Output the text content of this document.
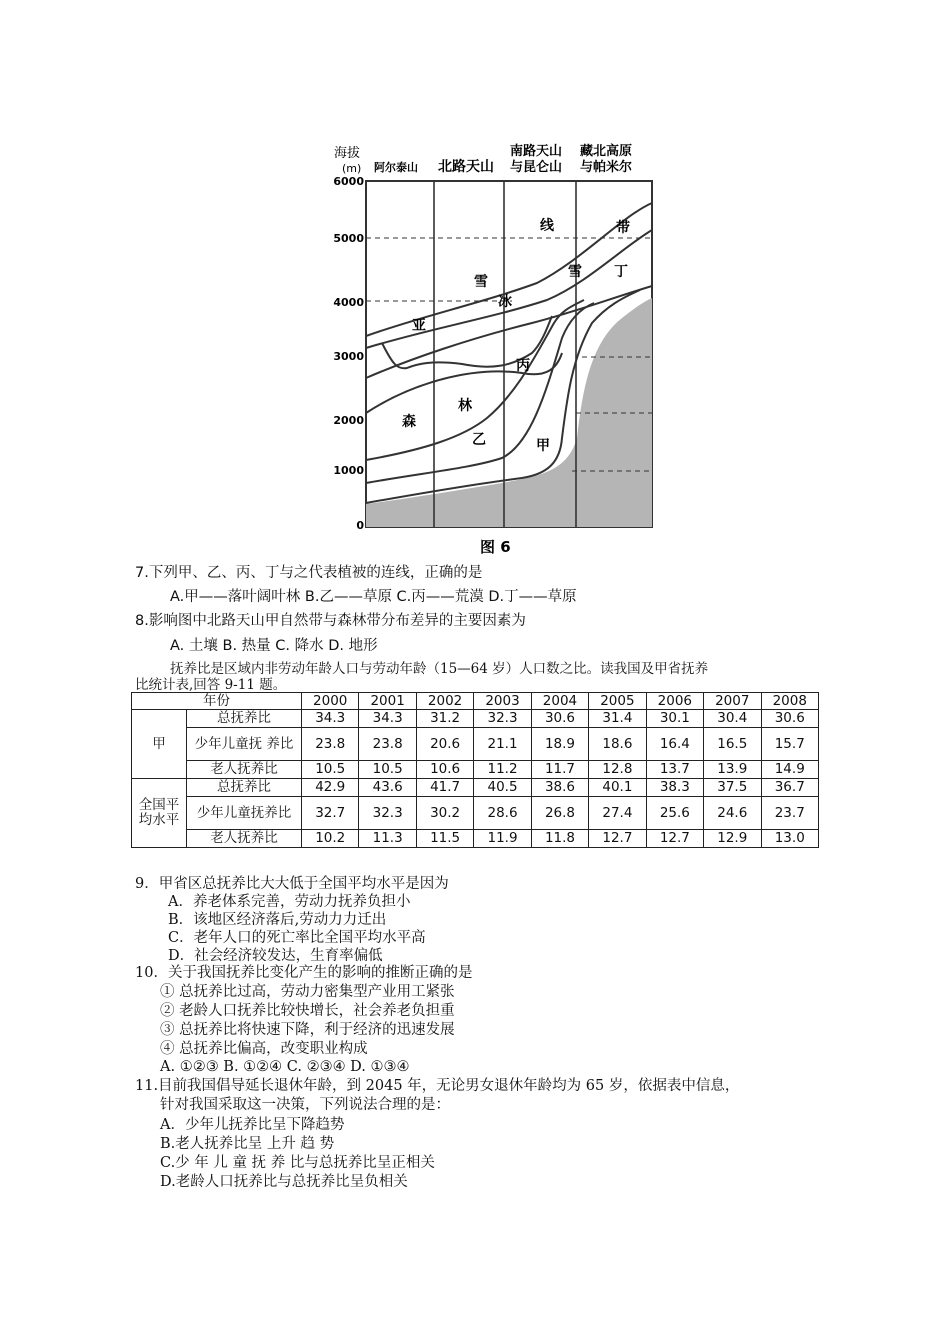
海拔
(m) 阿尔泰山 北路天山
南路天山
与昆仑山
藏北高原
与帕米尔
6000
5000
4000
3000
2000
1000
0
雪
线
雪
带
丁
冰
亚
丙
森
林
乙	甲
图 6
7.下列甲、乙、丙、丁与之代表植被的连线，正确的是
A.甲——落叶阔叶林 B.乙——草原 C.丙——荒漠 D.丁——草原
8.影响图中北路天山甲自然带与森林带分布差异的主要因素为
A. 土壤 B. 热量 C. 降水 D. 地形
抚养比是区域内非劳动年龄人口与劳动年龄（15—64 岁）人口数之比。读我国及甲省抚养
比统计表,回答 9-11 题。
年份		2000	2001	2002	2003	2004	2005	2006	2007	2008
甲	总抚养比	34.3	34.3	31.2	32.3	30.6	31.4	30.1	30.4	30.6
	少年儿童抚 养比	23.8	23.8	20.6	21.1	18.9	18.6	16.4	16.5	15.7
	老人抚养比	10.5	10.5	10.6	11.2	11.7	12.8	13.7	13.9	14.9
全国平均水平	总抚养比	42.9	43.6	41.7	40.5	38.6	40.1	38.3	37.5	36.7
	少年儿童抚养比	32.7	32.3	30.2	28.6	26.8	27.4	25.6	24.6	23.7
	老人抚养比	10.2	11.3	11.5	11.9	11.8	12.7	12.7	12.9	13.0
9．甲省区总抚养比大大低于全国平均水平是因为
A．养老体系完善，劳动力抚养负担小
B．该地区经济落后,劳动力力迁出
C．老年人口的死亡率比全国平均水平高
D．社会经济较发达，生育率偏低
10．关于我国抚养比变化产生的影响的推断正确的是
① 总抚养比过高，劳动力密集型产业用工紧张
② 老龄人口抚养比较快增长，社会养老负担重
③ 总抚养比将快速下降，利于经济的迅速发展
④ 总抚养比偏高，改变职业构成
A. ①②③ B. ①②④ C. ②③④ D. ①③④
11.目前我国倡导延长退休年龄，到 2045 年，无论男女退休年龄均为 65 岁，依据表中信息，
针对我国采取这一决策，下列说法合理的是：
A．少年儿抚养比呈下降趋势
B.老人抚养比呈 上升 趋 势
C.少 年 儿 童 抚 养 比与总抚养比呈正相关
D.老龄人口抚养比与总抚养比呈负相关
